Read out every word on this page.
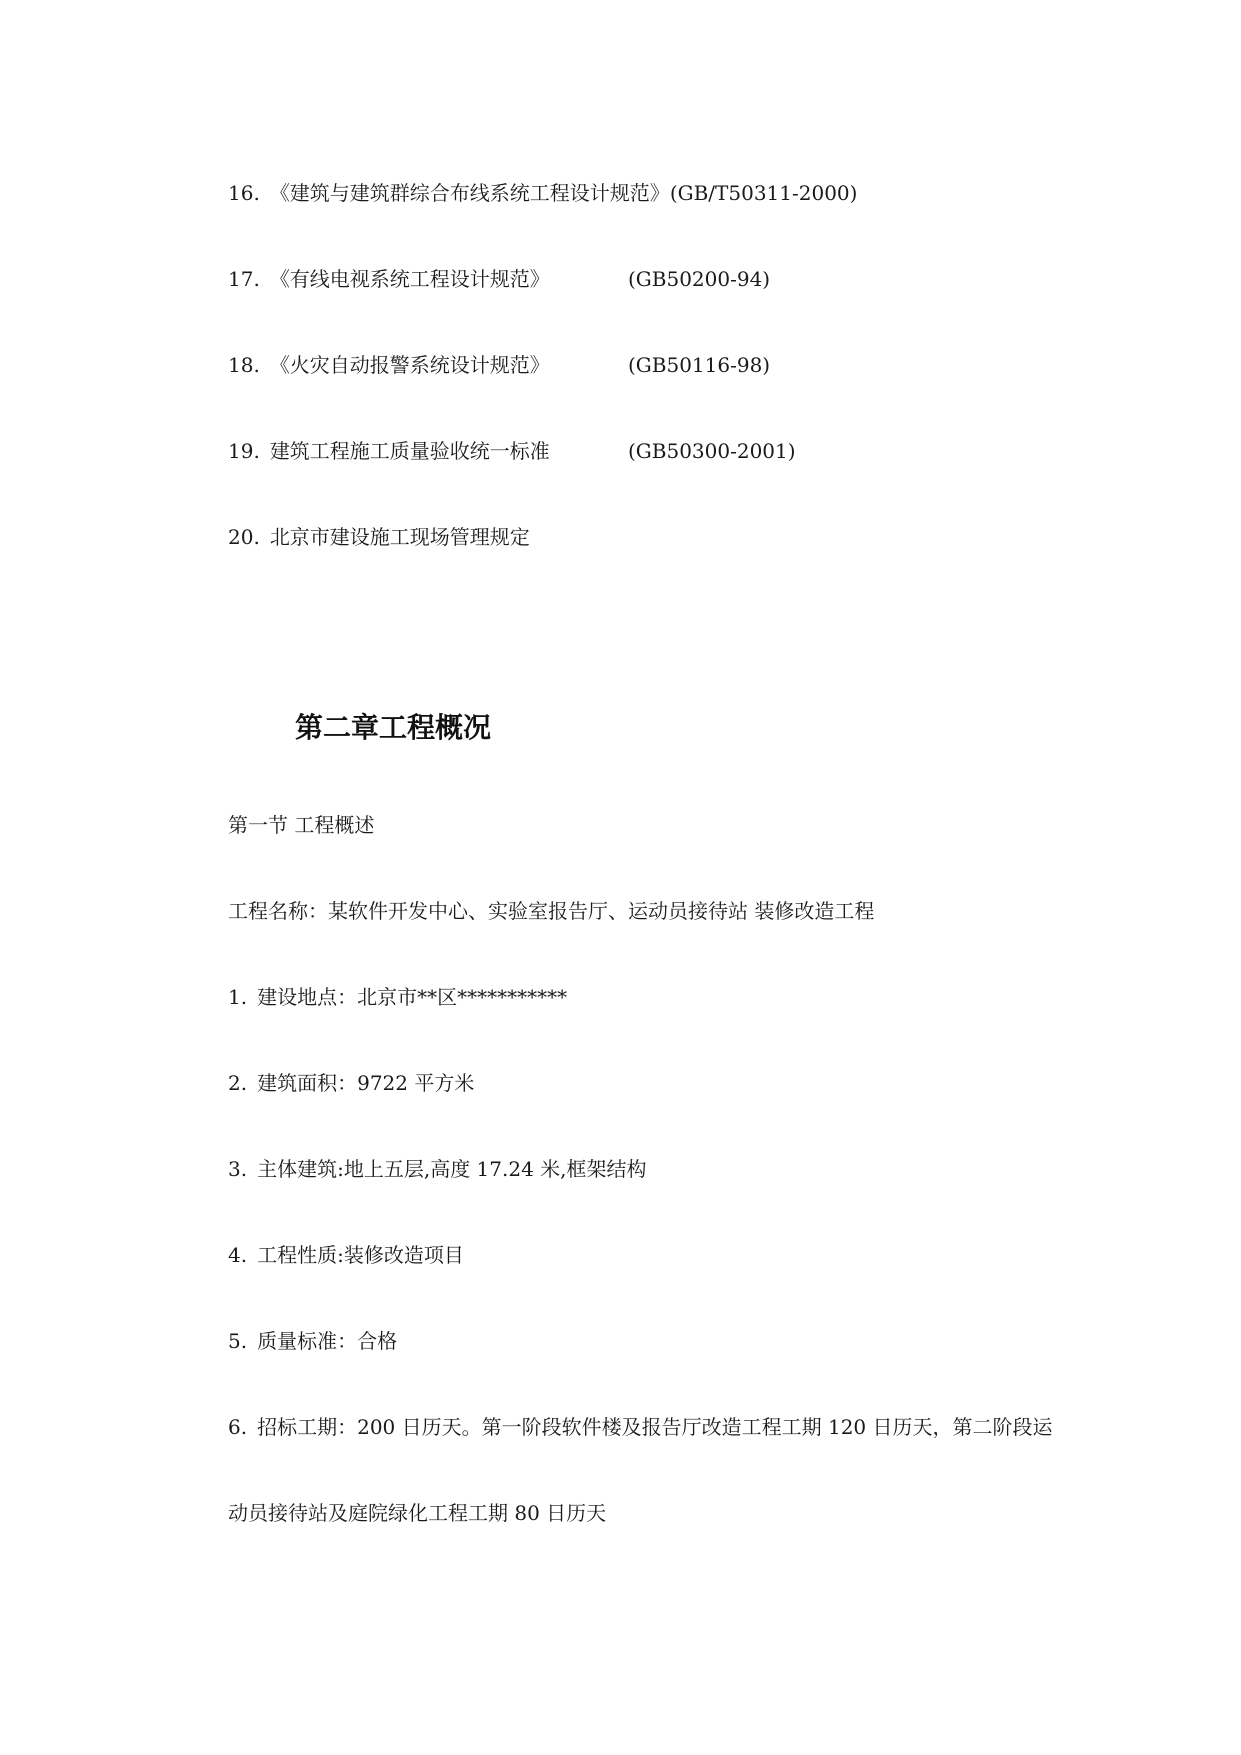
16. 《建筑与建筑群综合布线系统工程设计规范》(GB/T50311-2000)
17. 《有线电视系统工程设计规范》	(GB50200-94)
18. 《火灾自动报警系统设计规范》	(GB50116-98)
19. 建筑工程施工质量验收统一标准	(GB50300-2001)
20. 北京市建设施工现场管理规定
第二章工程概况
第一节 工程概述
工程名称：某软件开发中心、实验室报告厅、运动员接待站 装修改造工程
1. 建设地点：北京市**区***********
2. 建筑面积：9722 平方米
3. 主体建筑:地上五层,高度 17.24 米,框架结构
4. 工程性质:装修改造项目
5. 质量标准：合格
6. 招标工期：200 日历天。第一阶段软件楼及报告厅改造工程工期 120 日历天，第二阶段运
动员接待站及庭院绿化工程工期 80 日历天
